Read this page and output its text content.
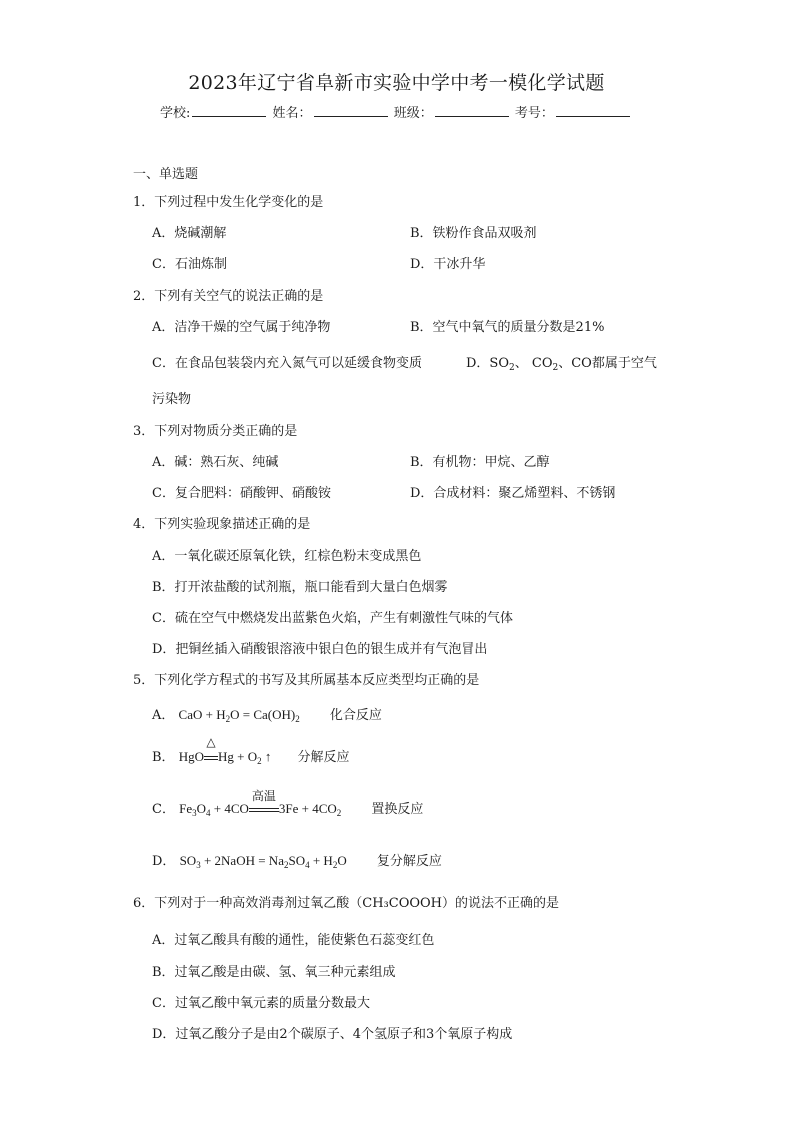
2023年辽宁省阜新市实验中学中考一模化学试题
学校:	姓名：	班级：	考号：
一、单选题
1．下列过程中发生化学变化的是
A．烧碱潮解	B．铁粉作食品双吸剂
C．石油炼制	D．干冰升华
2．下列有关空气的说法正确的是
A．洁净干燥的空气属于纯净物	B．空气中氧气的质量分数是21%
C．在食品包装袋内充入氮气可以延缓食物变质	D．$SO_2$、 $CO_2$、CO都属于空气
污染物
3．下列对物质分类正确的是
A．碱：熟石灰、纯碱	B．有机物：甲烷、乙醇
C．复合肥料：硝酸钾、硝酸铵	D．合成材料：聚乙烯塑料、不锈钢
4．下列实验现象描述正确的是
A．一氧化碳还原氧化铁，红棕色粉末变成黑色
B．打开浓盐酸的试剂瓶，瓶口能看到大量白色烟雾
C．硫在空气中燃烧发出蓝紫色火焰，产生有刺激性气味的气体
D．把铜丝插入硝酸银溶液中银白色的银生成并有气泡冒出
5．下列化学方程式的书写及其所属基本反应类型均正确的是
A． CaO + $H_2O = Ca(OH)_2$ 化合反应
B． HgO
△
$Hg + O_2$ ↑ 分解反应
C． $Fe_3O_4 + 4CO$
高温
$3Fe + 4CO_2$ 置换反应
D． $SO_3$ + 2NaOH = $Na_2SO_4 + H_2O$ 复分解反应
6．下列对于一种高效消毒剂过氧乙酸（CH₃COOOH）的说法不正确的是
A．过氧乙酸具有酸的通性，能使紫色石蕊变红色
B．过氧乙酸是由碳、氢、氧三种元素组成
C．过氧乙酸中氧元素的质量分数最大
D．过氧乙酸分子是由2个碳原子、4个氢原子和3个氧原子构成
